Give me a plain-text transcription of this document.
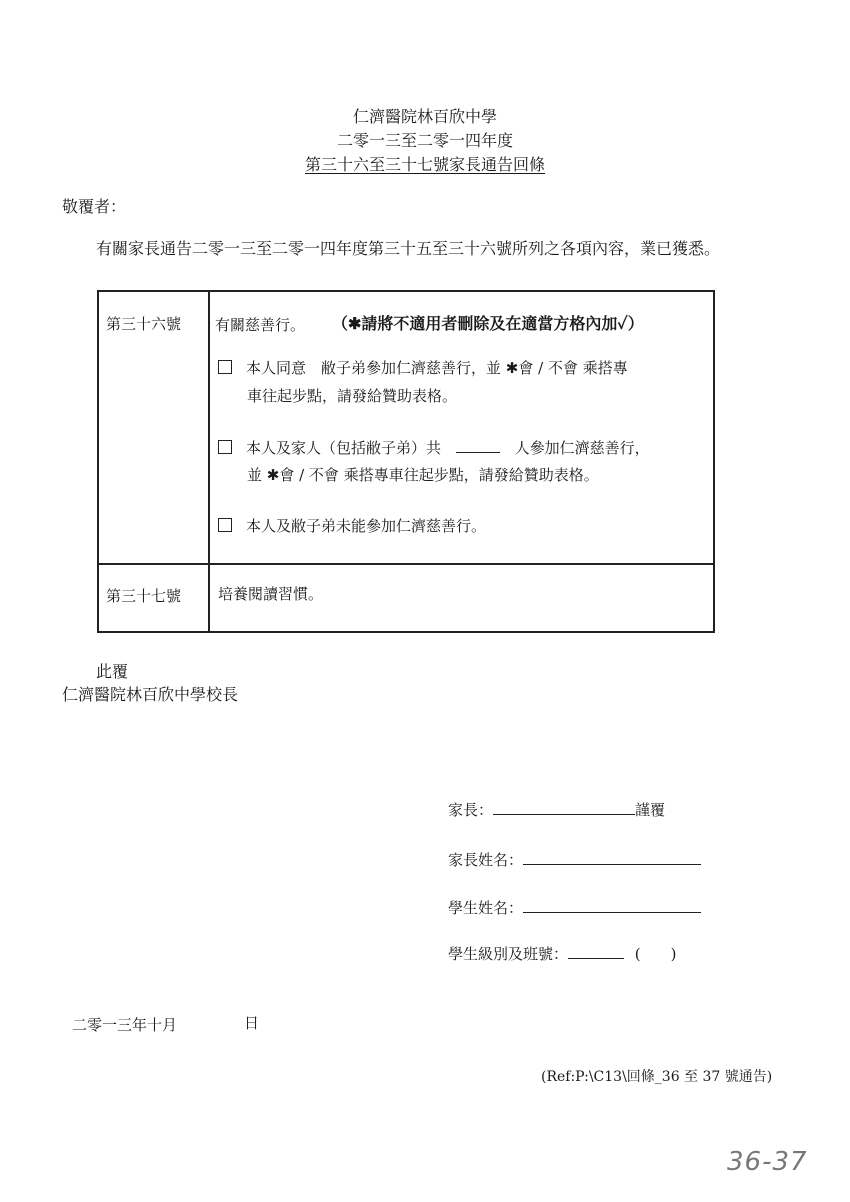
仁濟醫院林百欣中學
二零一三至二零一四年度
第三十六至三十七號家長通告回條
敬覆者：
有關家長通告二零一三至二零一四年度第三十五至三十六號所列之各項內容，業已獲悉。
第三十六號 有關慈善行。 （✱請將不適用者刪除及在適當方格內加✓）
本人同意　敝子弟參加仁濟慈善行，並 ✱會 / 不會 乘搭專
車往起步點，請發給贊助表格。
本人及家人（包括敝子弟）共	人參加仁濟慈善行，
並 ✱會 / 不會 乘搭專車往起步點，請發給贊助表格。
本人及敝子弟未能參加仁濟慈善行。
第三十七號 培養閱讀習慣。
此覆
仁濟醫院林百欣中學校長
家長：	謹覆
家長姓名：
學生姓名：
學生級別及班號：	(　　)
二零一三年十月	日
(Ref:P:\C13\回條_36 至 37 號通告)
36-37
